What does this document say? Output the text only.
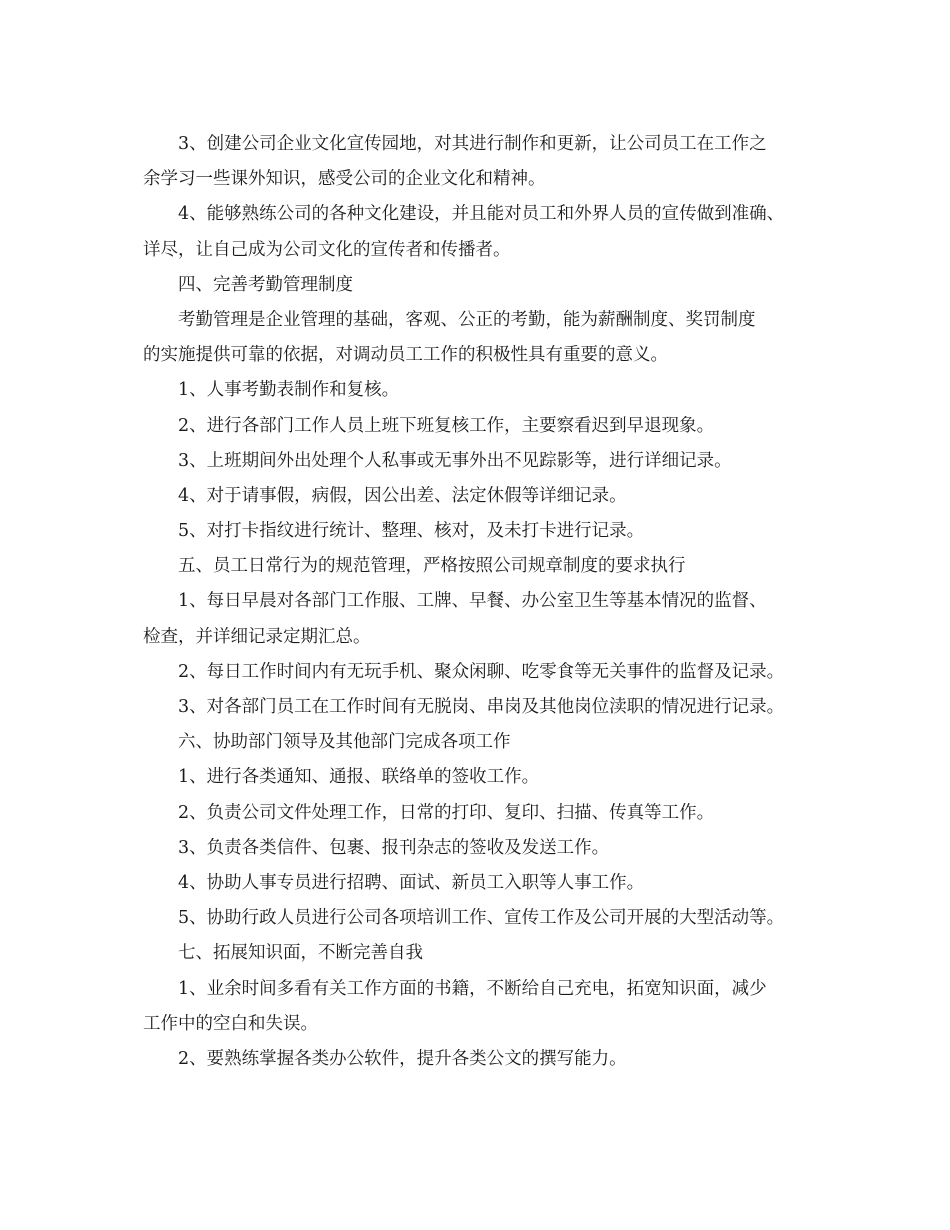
3、创建公司企业文化宣传园地，对其进行制作和更新，让公司员工在工作之
余学习一些课外知识，感受公司的企业文化和精神。
4、能够熟练公司的各种文化建设，并且能对员工和外界人员的宣传做到准确、
详尽，让自己成为公司文化的宣传者和传播者。
四、完善考勤管理制度
考勤管理是企业管理的基础，客观、公正的考勤，能为薪酬制度、奖罚制度
的实施提供可靠的依据，对调动员工工作的积极性具有重要的意义。
1、人事考勤表制作和复核。
2、进行各部门工作人员上班下班复核工作，主要察看迟到早退现象。
3、上班期间外出处理个人私事或无事外出不见踪影等，进行详细记录。
4、对于请事假，病假，因公出差、法定休假等详细记录。
5、对打卡指纹进行统计、整理、核对，及未打卡进行记录。
五、员工日常行为的规范管理，严格按照公司规章制度的要求执行
1、每日早晨对各部门工作服、工牌、早餐、办公室卫生等基本情况的监督、
检查，并详细记录定期汇总。
2、每日工作时间内有无玩手机、聚众闲聊、吃零食等无关事件的监督及记录。
3、对各部门员工在工作时间有无脱岗、串岗及其他岗位渎职的情况进行记录。
六、协助部门领导及其他部门完成各项工作
1、进行各类通知、通报、联络单的签收工作。
2、负责公司文件处理工作，日常的打印、复印、扫描、传真等工作。
3、负责各类信件、包裹、报刊杂志的签收及发送工作。
4、协助人事专员进行招聘、面试、新员工入职等人事工作。
5、协助行政人员进行公司各项培训工作、宣传工作及公司开展的大型活动等。
七、拓展知识面，不断完善自我
1、业余时间多看有关工作方面的书籍，不断给自己充电，拓宽知识面，减少
工作中的空白和失误。
2、要熟练掌握各类办公软件，提升各类公文的撰写能力。
